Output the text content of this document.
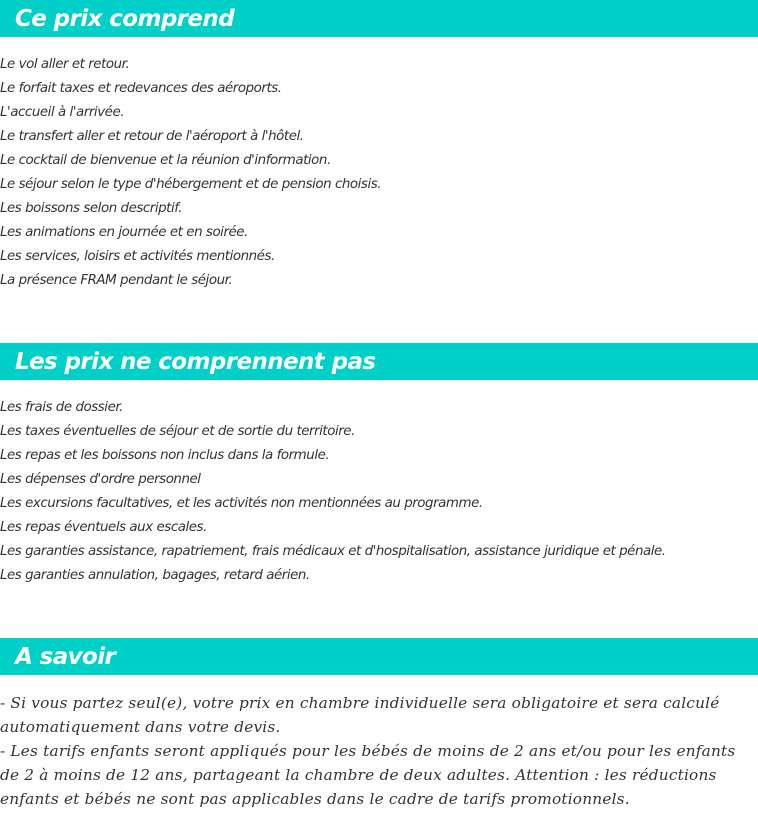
Ce prix comprend
Le vol aller et retour.
Le forfait taxes et redevances des aéroports.
L'accueil à l'arrivée.
Le transfert aller et retour de l'aéroport à l'hôtel.
Le cocktail de bienvenue et la réunion d'information.
Le séjour selon le type d'hébergement et de pension choisis.
Les boissons selon descriptif.
Les animations en journée et en soirée.
Les services, loisirs et activités mentionnés.
La présence FRAM pendant le séjour.
Les prix ne comprennent pas
Les frais de dossier.
Les taxes éventuelles de séjour et de sortie du territoire.
Les repas et les boissons non inclus dans la formule.
Les dépenses d'ordre personnel
Les excursions facultatives, et les activités non mentionnées au programme.
Les repas éventuels aux escales.
Les garanties assistance, rapatriement, frais médicaux et d'hospitalisation, assistance juridique et pénale.
Les garanties annulation, bagages, retard aérien.
A savoir

- Si vous partez seul(e), votre prix en chambre individuelle sera obligatoire et sera calculé automatiquement dans votre devis.

- Les tarifs enfants seront appliqués pour les bébés de moins de 2 ans et/ou pour les enfants de 2 à moins de 12 ans, partageant la chambre de deux adultes. Attention : les réductions enfants et bébés ne sont pas applicables dans le cadre de tarifs promotionnels.
